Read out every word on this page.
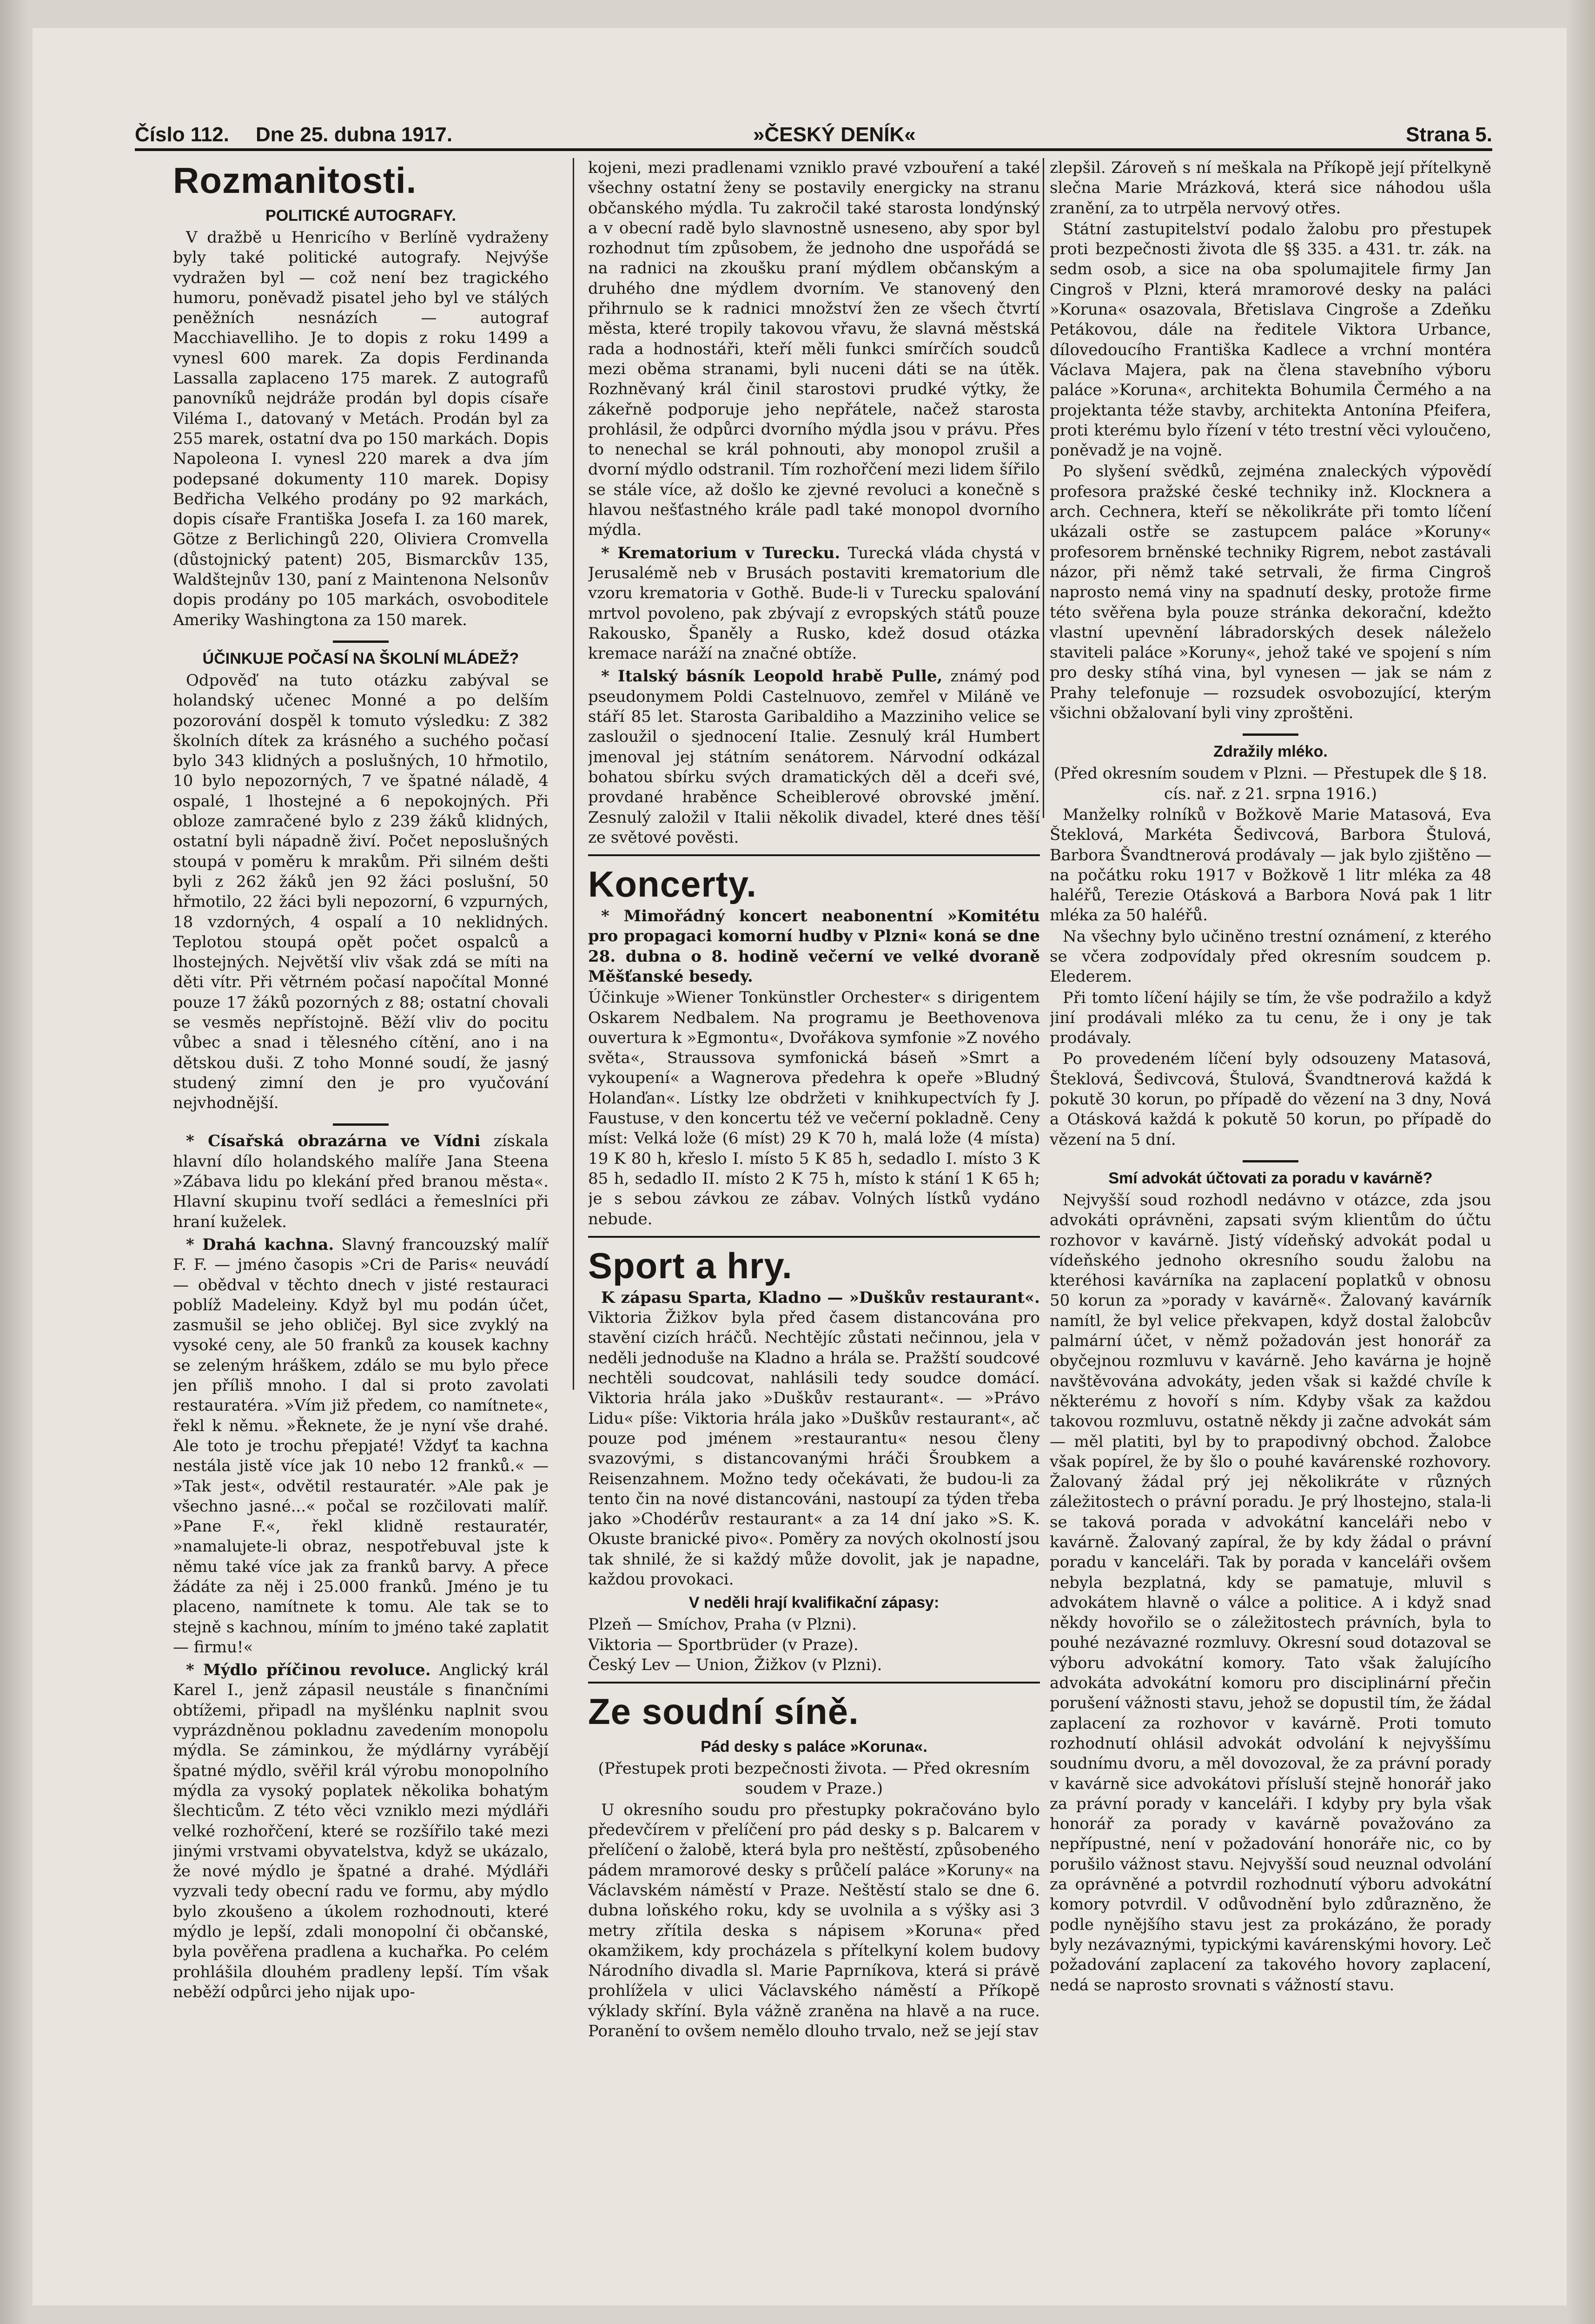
Číslo 112. Dne 25. dubna 1917.	»ČESKÝ DENÍK«	Strana 5.
Rozmanitosti.
POLITICKÉ AUTOGRAFY.

V dražbě u Henricího v Berlíně vydraženy byly také politické autografy. Nejvýše vydražen byl — což není bez tragického humoru, poněvadž pisatel jeho byl ve stálých peněžních nesnázích — autograf Macchiavelliho. Je to dopis z roku 1499 a vynesl 600 marek. Za dopis Ferdinanda Lassalla zaplaceno 175 marek. Z autografů panovníků nejdráže prodán byl dopis císaře Viléma I., datovaný v Metách. Prodán byl za 255 marek, ostatní dva po 150 markách. Dopis Napoleona I. vynesl 220 marek a dva jím podepsané dokumenty 110 marek. Dopisy Bedřicha Velkého prodány po 92 markách, dopis císaře Františka Josefa I. za 160 marek, Götze z Berlichingů 220, Oliviera Cromvella (důstojnický patent) 205, Bismarckův 135, Waldštejnův 130, paní z Maintenona Nelsonův dopis prodány po 105 markách, osvoboditele Ameriky Washingtona za 150 marek.

ÚČINKUJE POČASÍ NA ŠKOLNÍ MLÁDEŽ?

Odpověď na tuto otázku zabýval se holandský učenec Monné a po delším pozorování dospěl k tomuto výsledku: Z 382 školních dítek za krásného a suchého počasí bylo 343 klidných a poslušných, 10 hřmotilo, 10 bylo nepozorných, 7 ve špatné náladě, 4 ospalé, 1 lhostejné a 6 nepokojných. Při obloze zamračené bylo z 239 žáků klidných, ostatní byli nápadně živí. Počet neposlušných stoupá v poměru k mrakům. Při silném dešti byli z 262 žáků jen 92 žáci poslušní, 50 hřmotilo, 22 žáci byli nepozorní, 6 vzpurných, 18 vzdorných, 4 ospalí a 10 neklidných. Teplotou stoupá opět počet ospalců a lhostejných. Největší vliv však zdá se míti na děti vítr. Při větrném počasí napočítal Monné pouze 17 žáků pozorných z 88; ostatní chovali se vesměs nepřístojně. Běží vliv do pocitu vůbec a snad i tělesného cítění, ano i na dětskou duši. Z toho Monné soudí, že jasný studený zimní den je pro vyučování nejvhodnější.

* Císařská obrazárna ve Vídni získala hlavní dílo holandského malíře Jana Steena »Zábava lidu po klekání před branou města«. Hlavní skupinu tvoří sedláci a řemeslníci při hraní kuželek.

* Drahá kachna. Slavný francouzský malíř F. F. — jméno časopis »Cri de Paris« neuvádí — obědval v těchto dnech v jisté restauraci poblíž Madeleiny. Když byl mu podán účet, zasmušil se jeho obličej. Byl sice zvyklý na vysoké ceny, ale 50 franků za kousek kachny se zeleným hráškem, zdálo se mu bylo přece jen příliš mnoho. I dal si proto zavolati restauratéra. »Vím již předem, co namítnete«, řekl k němu. »Řeknete, že je nyní vše drahé. Ale toto je trochu přepjaté! Vždyť ta kachna nestála jistě více jak 10 nebo 12 franků.« — »Tak jest«, odvětil restauratér. »Ale pak je všechno jasné...« počal se rozčilovati malíř. »Pane F.«, řekl klidně restauratér, »namalujete-li obraz, nespotřebuval jste k němu také více jak za franků barvy. A přece žádáte za něj i 25.000 franků. Jméno je tu placeno, namítnete k tomu. Ale tak se to stejně s kachnou, míním to jméno také zaplatit — firmu!«

* Mýdlo příčinou revoluce. Anglický král Karel I., jenž zápasil neustále s finančními obtížemi, připadl na myšlénku naplnit svou vyprázdněnou pokladnu zavedením monopolu mýdla. Se záminkou, že mýdlárny vyrábějí špatné mýdlo, svěřil král výrobu monopolního mýdla za vysoký poplatek několika bohatým šlechticům. Z této věci vzniklo mezi mýdláři velké rozhořčení, které se rozšířilo také mezi jinými vrstvami obyvatelstva, když se ukázalo, že nové mýdlo je špatné a drahé. Mýdláři vyzvali tedy obecní radu ve formu, aby mýdlo bylo zkoušeno a úkolem rozhodnouti, které mýdlo je lepší, zdali monopolní či občanské, byla pověřena pradlena a kuchařka. Po celém prohlášila dlouhém pradleny lepší. Tím však neběží odpůrci jeho nijak upo-

kojeni, mezi pradlenami vzniklo pravé vzbouření a také všechny ostatní ženy se postavily energicky na stranu občanského mýdla. Tu zakročil také starosta londýnský a v obecní radě bylo slavnostně usneseno, aby spor byl rozhodnut tím způsobem, že jednoho dne uspořádá se na radnici na zkoušku praní mýdlem občanským a druhého dne mýdlem dvorním. Ve stanovený den přihrnulo se k radnici množství žen ze všech čtvrtí města, které tropily takovou vřavu, že slavná městská rada a hodnostáři, kteří měli funkci smírčích soudců mezi oběma stranami, byli nuceni dáti se na útěk. Rozhněvaný král činil starostovi prudké výtky, že zákeřně podporuje jeho nepřátele, načež starosta prohlásil, že odpůrci dvorního mýdla jsou v právu. Přes to nenechal se král pohnouti, aby monopol zrušil a dvorní mýdlo odstranil. Tím rozhořčení mezi lidem šířilo se stále více, až došlo ke zjevné revoluci a konečně s hlavou nešťastného krále padl také monopol dvorního mýdla.

* Krematorium v Turecku. Turecká vláda chystá v Jerusalémě neb v Brusách postaviti krematorium dle vzoru krematoria v Gothě. Bude-li v Turecku spalování mrtvol povoleno, pak zbývají z evropských států pouze Rakousko, Španěly a Rusko, kdež dosud otázka kremace naráží na značné obtíže.

* Italský básník Leopold hrabě Pulle, známý pod pseudonymem Poldi Castelnuovo, zemřel v Miláně ve stáří 85 let. Starosta Garibaldiho a Mazziniho velice se zasloužil o sjednocení Italie. Zesnulý král Humbert jmenoval jej státním senátorem. Nárvodní odkázal bohatou sbírku svých dramatických děl a dceři své, provdané hraběnce Scheiblerové obrovské jmění. Zesnulý založil v Italii několik divadel, které dnes těší ze světové pověsti.

Koncerty.

* Mimořádný koncert neabonentní »Komitétu pro propagaci komorní hudby v Plzni« koná se dne 28. dubna o 8. hodině večerní ve velké dvoraně Měšťanské besedy.

Účinkuje »Wiener Tonkünstler Orchester« s dirigentem Oskarem Nedbalem. Na programu je Beethovenova ouvertura k »Egmontu«, Dvořákova symfonie »Z nového světa«, Straussova symfonická báseň »Smrt a vykoupení« a Wagnerova předehra k opeře »Bludný Holanďan«. Lístky lze obdržeti v knihkupectvích fy J. Faustuse, v den koncertu též ve večerní pokladně. Ceny míst: Velká lože (6 míst) 29 K 70 h, malá lože (4 místa) 19 K 80 h, křeslo I. místo 5 K 85 h, sedadlo I. místo 3 K 85 h, sedadlo II. místo 2 K 75 h, místo k stání 1 K 65 h; je s sebou závkou ze zábav. Volných lístků vydáno nebude.

Sport a hry.

K zápasu Sparta, Kladno — »Duškův restaurant«. Viktoria Žižkov byla před časem distancována pro stavění cizích hráčů. Nechtějíc zůstati nečinnou, jela v neděli jednoduše na Kladno a hrála se. Pražští soudcové nechtěli soudcovat, nahlásili tedy soudce domácí. Viktoria hrála jako »Duškův restaurant«. — »Právo Lidu« píše: Viktoria hrála jako »Duškův restaurant«, ač pouze pod jménem »restaurantu« nesou členy svazovými, s distancovanými hráči Šroubkem a Reisenzahnem. Možno tedy očekávati, že budou-li za tento čin na nové distancováni, nastoupí za týden třeba jako »Chodérův restaurant« a za 14 dní jako »S. K. Okuste branické pivo«. Poměry za nových okolností jsou tak shnilé, že si každý může dovolit, jak je napadne, každou provokaci.

V neděli hrají kvalifikační zápasy:
Plzeň — Smíchov, Praha (v Plzni).
Viktoria — Sportbrüder (v Praze).
Český Lev — Union, Žižkov (v Plzni).
Ze soudní síně.
Pád desky s paláce »Koruna«.

(Přestupek proti bezpečnosti života. — Před okresním soudem v Praze.)

U okresního soudu pro přestupky pokračováno bylo předevčírem v přelíčení pro pád desky s p. Balcarem v přelíčení o žalobě, která byla pro neštěstí, způsobeného pádem mramorové desky s průčelí paláce »Koruny« na Václavském náměstí v Praze. Neštěstí stalo se dne 6. dubna loňského roku, kdy se uvolnila a s výšky asi 3 metry zřítila deska s nápisem »Koruna« před okamžikem, kdy procházela s přítelkyní kolem budovy Národního divadla sl. Marie Paprníkova, která si právě prohlížela v ulici Václavského náměstí a Příkopě výklady skříní. Byla vážně zraněna na hlavě a na ruce. Poranění to ovšem nemělo dlouho trvalo, než se její stav

zlepšil. Zároveň s ní meškala na Příkopě její přítelkyně slečna Marie Mrázková, která sice náhodou ušla zranění, za to utrpěla nervový otřes.

Státní zastupitelství podalo žalobu pro přestupek proti bezpečnosti života dle §§ 335. a 431. tr. zák. na sedm osob, a sice na oba spolumajitele firmy Jan Cingroš v Plzni, která mramorové desky na paláci »Koruna« osazovala, Břetislava Cingroše a Zdeňku Petákovou, dále na ředitele Viktora Urbance, dílovedoucího Františka Kadlece a vrchní montéra Václava Majera, pak na člena stavebního výboru paláce »Koruna«, architekta Bohumila Čermého a na projektanta téže stavby, architekta Antonína Pfeifera, proti kterému bylo řízení v této trestní věci vyloučeno, poněvadž je na vojně.

Po slyšení svědků, zejména znaleckých výpovědí profesora pražské české techniky inž. Klocknera a arch. Cechnera, kteří se několikráte při tomto líčení ukázali ostře se zastupcem paláce »Koruny« profesorem brněnské techniky Rigrem, nebot zastávali názor, při němž také setrvali, že firma Cingroš naprosto nemá viny na spadnutí desky, protože firme této svěřena byla pouze stránka dekorační, kdežto vlastní upevnění lábradorských desek náleželo staviteli paláce »Koruny«, jehož také ve spojení s ním pro desky stíhá vina, byl vynesen — jak se nám z Prahy telefonuje — rozsudek osvobozující, kterým všichni obžalovaní byli viny zproštěni.

Zdražily mléko.

(Před okresním soudem v Plzni. — Přestupek dle § 18. cís. nař. z 21. srpna 1916.)

Manželky rolníků v Božkově Marie Matasová, Eva Šteklová, Markéta Šedivcová, Barbora Štulová, Barbora Švandtnerová prodávaly — jak bylo zjištěno — na počátku roku 1917 v Božkově 1 litr mléka za 48 haléřů, Terezie Otásková a Barbora Nová pak 1 litr mléka za 50 haléřů.

Na všechny bylo učiněno trestní oznámení, z kterého se včera zodpovídaly před okresním soudcem p. Elederem.

Při tomto líčení hájily se tím, že vše podražilo a když jiní prodávali mléko za tu cenu, že i ony je tak prodávaly.

Po provedeném líčení byly odsouzeny Matasová, Šteklová, Šedivcová, Štulová, Švandtnerová každá k pokutě 30 korun, po případě do vězení na 3 dny, Nová a Otásková každá k pokutě 50 korun, po případě do vězení na 5 dní.

Smí advokát účtovati za poradu v kavárně?

Nejvyšší soud rozhodl nedávno v otázce, zda jsou advokáti oprávněni, zapsati svým klientům do účtu rozhovor v kavárně. Jistý vídeňský advokát podal u vídeňského jednoho okresního soudu žalobu na kteréhosi kavárníka na zaplacení poplatků v obnosu 50 korun za »porady v kavárně«. Žalovaný kavárník namítl, že byl velice překvapen, když dostal žalobcův palmární účet, v němž požadován jest honorář za obyčejnou rozmluvu v kavárně. Jeho kavárna je hojně navštěvována advokáty, jeden však si každé chvíle k některému z hovoří s ním. Kdyby však za každou takovou rozmluvu, ostatně někdy ji začne advokát sám — měl platiti, byl by to prapodivný obchod. Žalobce však popírel, že by šlo o pouhé kavárenské rozhovory. Žalovaný žádal prý jej několikráte v různých záležitostech o právní poradu. Je prý lhostejno, stala-li se taková porada v advokátní kanceláři nebo v kavárně. Žalovaný zapíral, že by kdy žádal o právní poradu v kanceláři. Tak by porada v kanceláři ovšem nebyla bezplatná, kdy se pamatuje, mluvil s advokátem hlavně o válce a politice. A i když snad někdy hovořilo se o záležitostech právních, byla to pouhé nezávazné rozmluvy. Okresní soud dotazoval se výboru advokátní komory. Tato však žalujícího advokáta advokátní komoru pro disciplinární přečin porušení vážnosti stavu, jehož se dopustil tím, že žádal zaplacení za rozhovor v kavárně. Proti tomuto rozhodnutí ohlásil advokát odvolání k nejvyššímu soudnímu dvoru, a měl dovozoval, že za právní porady v kavárně sice advokátovi přísluší stejně honorář jako za právní porady v kanceláři. I kdyby pry byla však honorář za porady v kavárně považováno za nepřípustné, není v požadování honoráře nic, co by porušilo vážnost stavu. Nejvyšší soud neuznal odvolání za oprávněné a potvrdil rozhodnutí výboru advokátní komory potvrdil. V odůvodnění bylo zdůrazněno, že podle nynějšího stavu jest za prokázáno, že porady byly nezávaznými, typickými kavárenskými hovory. Leč požadování zaplacení za takového hovory zaplacení, nedá se naprosto srovnati s vážností stavu.
